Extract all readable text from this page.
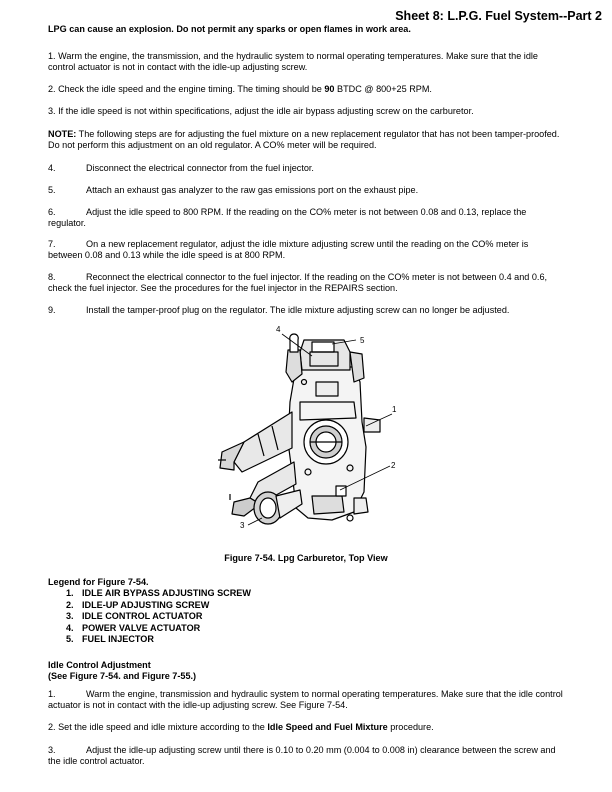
Sheet 8: L.P.G. Fuel System--Part 2
LPG can cause an explosion. Do not permit any sparks or open flames in work area.
1. Warm the engine, the transmission, and the hydraulic system to normal operating temperatures. Make sure that the idle control actuator is not in contact with the idle-up adjusting screw.
2. Check the idle speed and the engine timing. The timing should be 90 BTDC @ 800+25 RPM.
3. If the idle speed is not within specifications, adjust the idle air bypass adjusting screw on the carburetor.
NOTE: The following steps are for adjusting the fuel mixture on a new replacement regulator that has not been tamper-proofed. Do not perform this adjustment on an old regulator. A CO% meter will be required.
4.	Disconnect the electrical connector from the fuel injector.
5.	Attach an exhaust gas analyzer to the raw gas emissions port on the exhaust pipe.
6.	Adjust the idle speed to 800 RPM. If the reading on the CO% meter is not between 0.08 and 0.13, replace the regulator.
7.	On a new replacement regulator, adjust the idle mixture adjusting screw until the reading on the CO% meter is between 0.08 and 0.13 while the idle speed is at 800 RPM.
8.	Reconnect the electrical connector to the fuel injector. If the reading on the CO% meter is not between 0.4 and 0.6, check the fuel injector. See the procedures for the fuel injector in the REPAIRS section.
9.	Install the tamper-proof plug on the regulator. The idle mixture adjusting screw can no longer be adjusted.
4
5
1
2
3
Figure 7-54. Lpg Carburetor, Top View
Legend for Figure 7-54.
1. IDLE AIR BYPASS ADJUSTING SCREW
2. IDLE-UP ADJUSTING SCREW
3. IDLE CONTROL ACTUATOR
4. POWER VALVE ACTUATOR
5. FUEL INJECTOR
Idle Control Adjustment
(See Figure 7-54. and Figure 7-55.)
1.	Warm the engine, transmission and hydraulic system to normal operating temperatures. Make sure that the idle control actuator is not in contact with the idle-up adjusting screw. See Figure 7-54.
2. Set the idle speed and idle mixture according to the Idle Speed and Fuel Mixture procedure.
3.	Adjust the idle-up adjusting screw until there is 0.10 to 0.20 mm (0.004 to 0.008 in) clearance between the screw and the idle control actuator.
